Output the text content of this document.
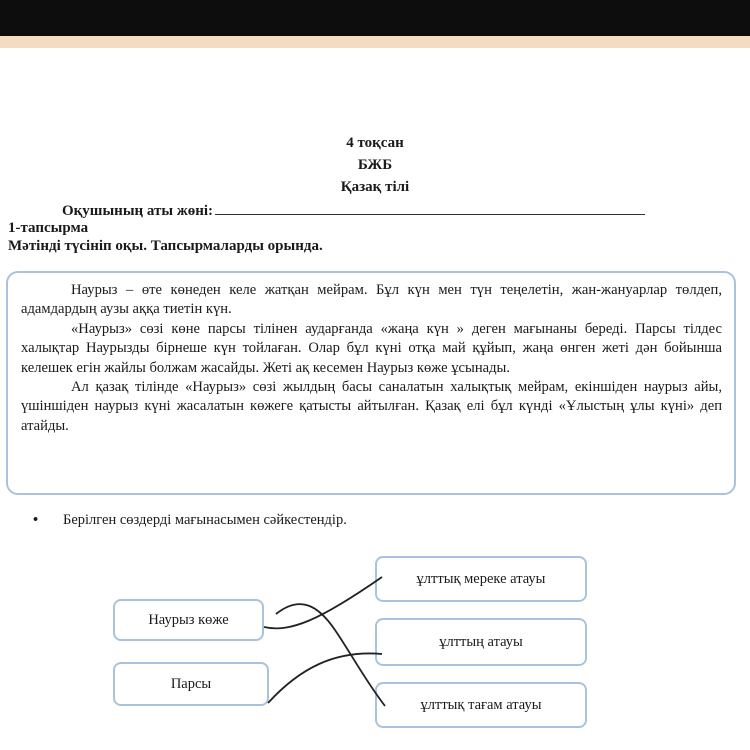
4 тоқсан
БЖБ
Қазақ тілі
Оқушының аты жөні:
1-тапсырма
Мәтінді түсініп оқы. Тапсырмаларды орында.

Наурыз – өте көнеден келе жатқан мейрам. Бұл күн мен түн теңелетін, жан-жануарлар төлдеп, адамдардың аузы аққа тиетін күн.

«Наурыз» сөзі көне парсы тілінен аударғанда «жаңа күн » деген мағынаны береді. Парсы тілдес халықтар Наурызды бірнеше күн тойлаған. Олар бұл күні отқа май құйып, жаңа өнген жеті дән бойынша келешек егін жайлы болжам жасайды. Жеті ақ кесемен Наурыз көже ұсынады.

Ал қазақ тілінде «Наурыз» сөзі жылдың басы саналатын халықтық мейрам, екіншіден наурыз айы, үшіншіден наурыз күні жасалатын көжеге қатысты айтылған. Қазақ елі бұл күнді «Ұлыстың ұлы күні» деп атайды.

• Берілген сөздерді мағынасымен сәйкестендір.
Наурыз көже
Парсы
ұлттық мереке атауы
ұлттың атауы
ұлттық тағам атауы
